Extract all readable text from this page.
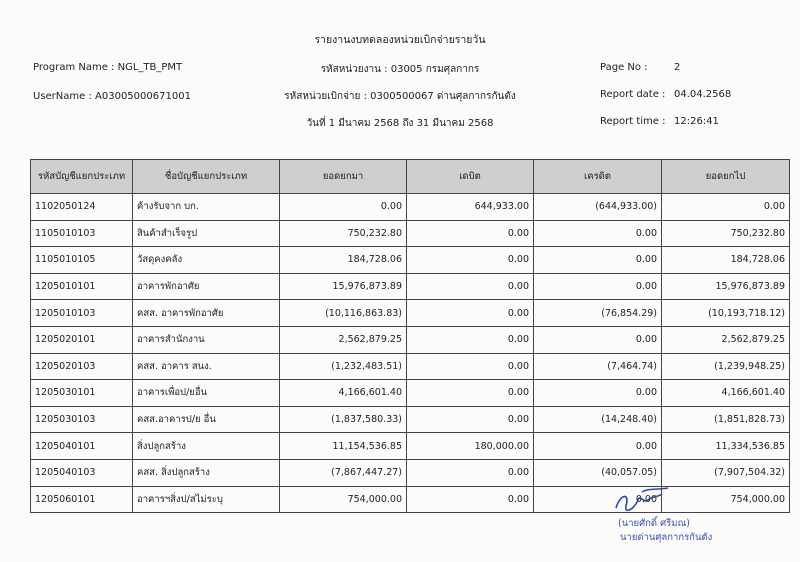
รายงานงบทดลองหน่วยเบิกจ่ายรายวัน
Program Name : NGL_TB_PMT	รหัสหน่วยงาน : 03005 กรมศุลกากร	Page No :	2
UserName : A03005000671001	รหัสหน่วยเบิกจ่าย : 0300500067 ด่านศุลกากรกันตัง	Report date : 04.04.2568
วันที่ 1 มีนาคม 2568 ถึง 31 มีนาคม 2568	Report time : 12:26:41
รหัสบัญชีแยกประเภท	ชื่อบัญชีแยกประเภท	ยอดยกมา	เดบิต	เครดิต	ยอดยกไป
1102050124	ค้างรับจาก บก.	0.00	644,933.00	(644,933.00)	0.00
1105010103	สินค้าสำเร็จรูป	750,232.80	0.00	0.00	750,232.80
1105010105	วัสดุคงคลัง	184,728.06	0.00	0.00	184,728.06
1205010101	อาคารพักอาศัย	15,976,873.89	0.00	0.00	15,976,873.89
1205010103	คสส. อาคารพักอาศัย	(10,116,863.83)	0.00	(76,854.29)	(10,193,718.12)
1205020101	อาคารสำนักงาน	2,562,879.25	0.00	0.00	2,562,879.25
1205020103	คสส. อาคาร สนง.	(1,232,483.51)	0.00	(7,464.74)	(1,239,948.25)
1205030101	อาคารเพื่อป/ยอื่น	4,166,601.40	0.00	0.00	4,166,601.40
1205030103	คสส.อาคารป/ย อื่น	(1,837,580.33)	0.00	(14,248.40)	(1,851,828.73)
1205040101	สิ่งปลูกสร้าง	11,154,536.85	180,000.00	0.00	11,334,536.85
1205040103	คสส. สิ่งปลูกสร้าง	(7,867,447.27)	0.00	(40,057.05)	(7,907,504.32)
1205060101	อาคารฯสิ่งป/สไม่ระบุ	754,000.00	0.00	0.00	754,000.00
(นายศักดิ์ ศรีมณ)
นายด่านศุลกากรกันตัง
